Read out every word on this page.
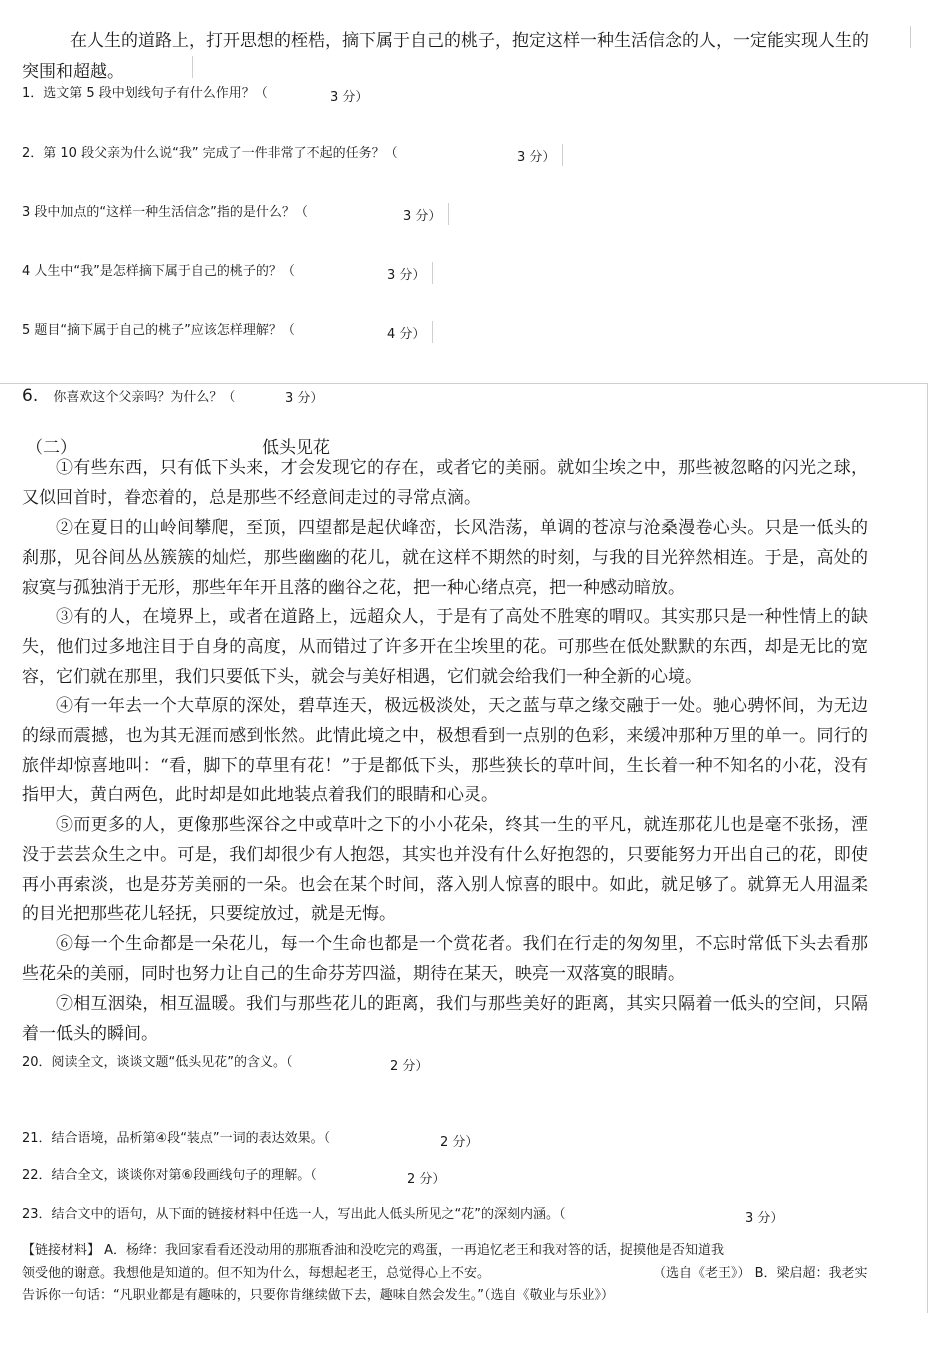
在人生的道路上，打开思想的桎梏，摘下属于自己的桃子，抱定这样一种生活信念的人，一定能实现人生的突围和超越。
1．选文第 5 段中划线句子有什么作用？（	3 分）
2．第 10 段父亲为什么说“我” 完成了一件非常了不起的任务？（	3 分）
3 段中加点的“这样一种生活信念”指的是什么？（	3 分）
4 人生中“我”是怎样摘下属于自己的桃子的？（	3 分）
5 题目“摘下属于自己的桃子”应该怎样理解？（	4 分）
6. 你喜欢这个父亲吗？为什么？（	3 分）
（二）	低头见花
①有些东西，只有低下头来，才会发现它的存在，或者它的美丽。就如尘埃之中，那些被忽略的闪光之球，又似回首时，眷恋着的，总是那些不经意间走过的寻常点滴。
②在夏日的山岭间攀爬，至顶，四望都是起伏峰峦，长风浩荡，单调的苍凉与沧桑漫卷心头。只是一低头的刹那，见谷间丛丛簇簇的灿烂，那些幽幽的花儿，就在这样不期然的时刻，与我的目光猝然相连。于是，高处的寂寞与孤独消于无形，那些年年开且落的幽谷之花，把一种心绪点亮，把一种感动暗放。
③有的人，在境界上，或者在道路上，远超众人，于是有了高处不胜寒的喟叹。其实那只是一种性情上的缺失，他们过多地注目于自身的高度，从而错过了许多开在尘埃里的花。可那些在低处默默的东西，却是无比的宽容，它们就在那里，我们只要低下头，就会与美好相遇，它们就会给我们一种全新的心境。
④有一年去一个大草原的深处，碧草连天，极远极淡处，天之蓝与草之缘交融于一处。驰心骋怀间，为无边的绿而震撼，也为其无涯而感到怅然。此情此境之中，极想看到一点别的色彩，来缓冲那种万里的单一。同行的旅伴却惊喜地叫：“看，脚下的草里有花！”于是都低下头，那些狭长的草叶间，生长着一种不知名的小花，没有指甲大，黄白两色，此时却是如此地装点着我们的眼睛和心灵。
⑤而更多的人，更像那些深谷之中或草叶之下的小小花朵，终其一生的平凡，就连那花儿也是毫不张扬，湮没于芸芸众生之中。可是，我们却很少有人抱怨，其实也并没有什么好抱怨的，只要能努力开出自己的花，即使再小再索淡，也是芬芳美丽的一朵。也会在某个时间，落入别人惊喜的眼中。如此，就足够了。就算无人用温柔的目光把那些花儿轻抚，只要绽放过，就是无悔。
⑥每一个生命都是一朵花儿，每一个生命也都是一个赏花者。我们在行走的匆匆里，不忘时常低下头去看那些花朵的美丽，同时也努力让自己的生命芬芳四溢，期待在某天，映亮一双落寞的眼睛。
⑦相互洇染，相互温暖。我们与那些花儿的距离，我们与那些美好的距离，其实只隔着一低头的空间，只隔着一低头的瞬间。
20．阅读全文，谈谈文题“低头见花”的含义。（	2 分）
21．结合语境，品析第④段“装点”一词的表达效果。（	2 分）
22．结合全文，谈谈你对第⑥段画线句子的理解。（	2 分）
23．结合文中的语句，从下面的链接材料中任选一人，写出此人低头所见之“花”的深刻内涵。（	3 分）
【链接材料】 A．杨绛：我回家看看还没动用的那瓶香油和没吃完的鸡蛋，一再追忆老王和我对答的话，捉摸他是否知道我
领受他的谢意。我想他是知道的。但不知为什么，每想起老王，总觉得心上不安。	（选自《老王》） B．梁启超：我老实
告诉你一句话：“凡职业都是有趣味的，只要你肯继续做下去，趣味自然会发生。”（选自《敬业与乐业》）
